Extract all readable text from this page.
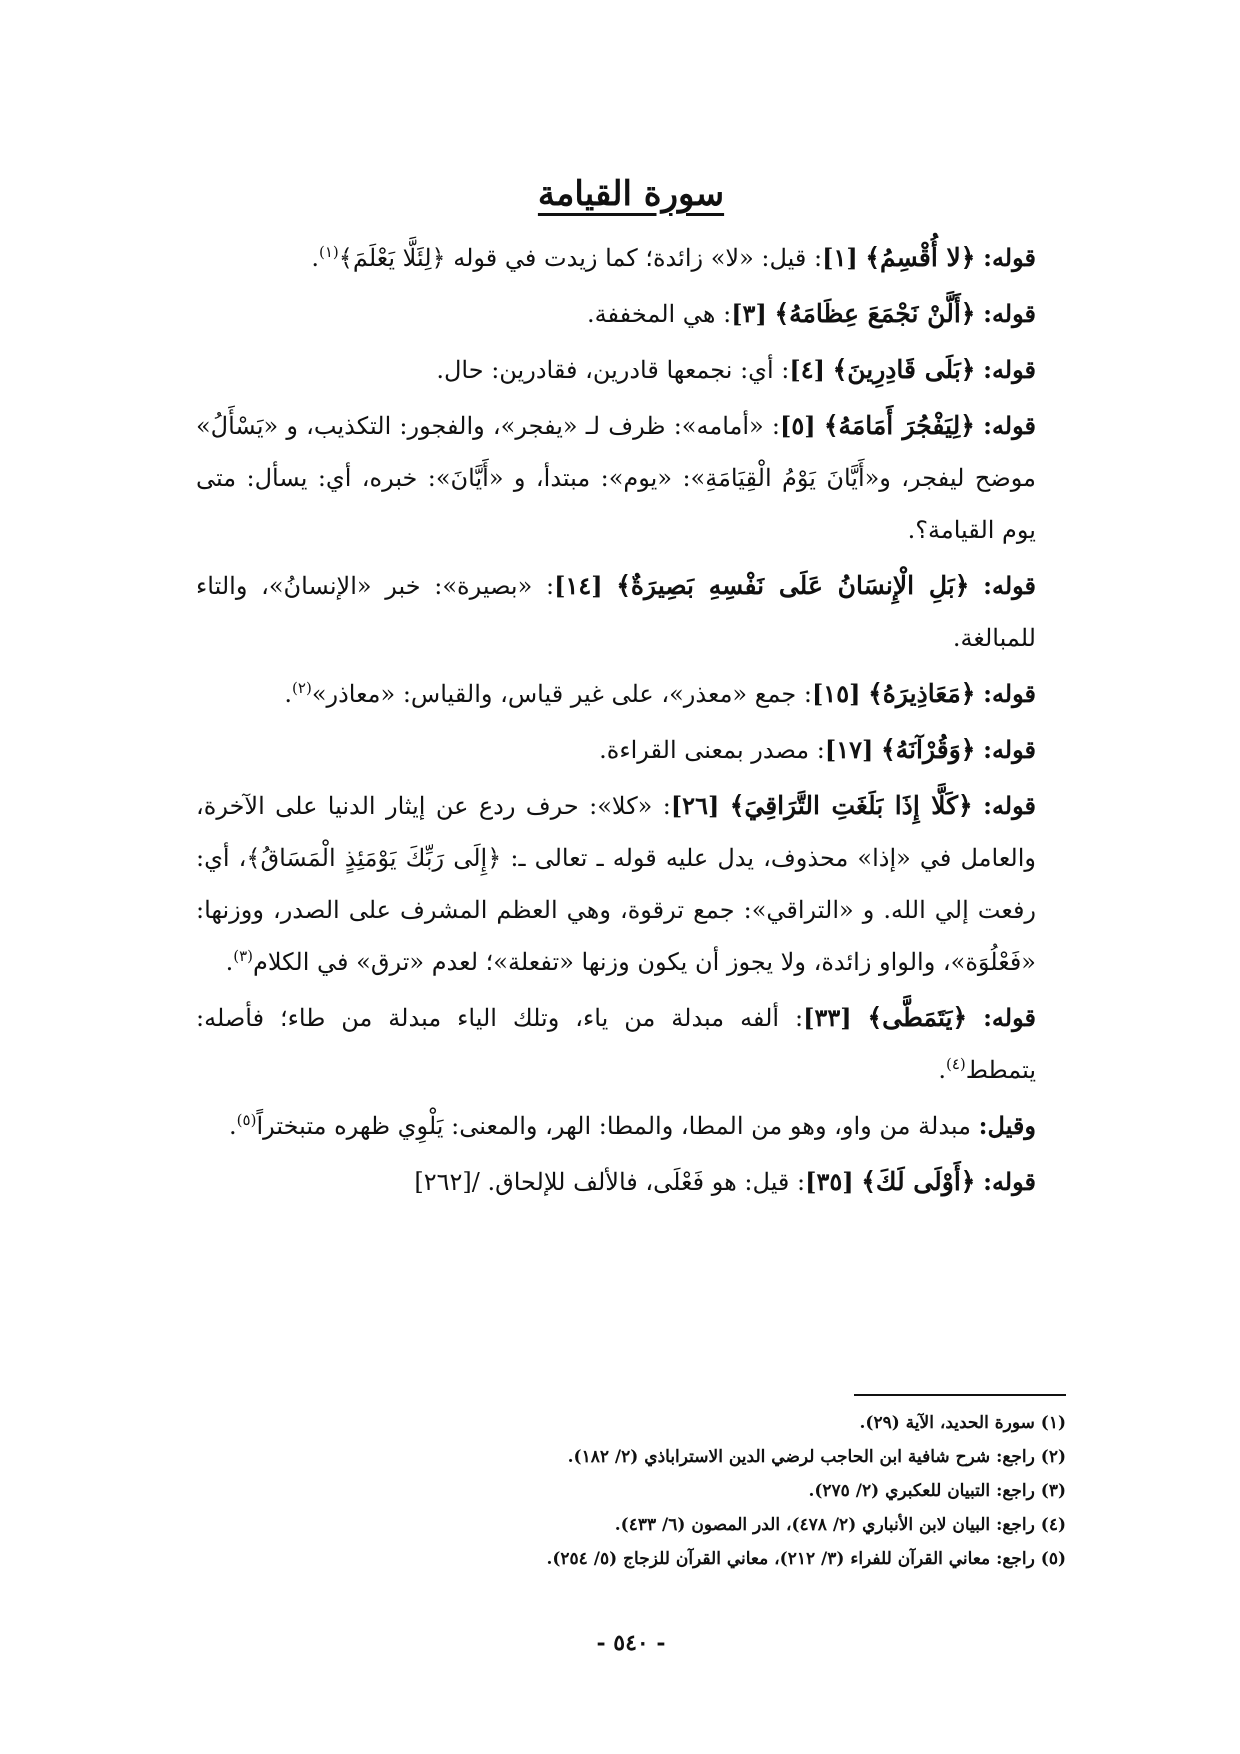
سورة القيامة

قوله: ﴿لا أُقْسِمُ﴾ [١]: قيل: «لا» زائدة؛ كما زيدت في قوله ﴿لِئَلَّا يَعْلَمَ﴾$^{(١)}$.

قوله: ﴿أَلَّنْ نَجْمَعَ عِظَامَهُ﴾ [٣]: هي المخففة.

قوله: ﴿بَلَى قَادِرِينَ﴾ [٤]: أي: نجمعها قادرين، فقادرين: حال.

قوله: ﴿لِيَفْجُرَ أَمَامَهُ﴾ [٥]: «أمامه»: ظرف لـ «يفجر»، والفجور: التكذيب، و «يَسْأَلُ» موضح ليفجر، و«أَيَّانَ يَوْمُ الْقِيَامَةِ»: «يوم»: مبتدأ، و «أَيَّانَ»: خبره، أي: يسأل: متى يوم القيامة؟.

قوله: ﴿بَلِ الْإِنسَانُ عَلَى نَفْسِهِ بَصِيرَةٌ﴾ [١٤]: «بصيرة»: خبر «الإنسانُ»، والتاء للمبالغة.

قوله: ﴿مَعَاذِيرَهُ﴾ [١٥]: جمع «معذر»، على غير قياس، والقياس: «معاذر»$^{(٢)}$.

قوله: ﴿وَقُرْآنَهُ﴾ [١٧]: مصدر بمعنى القراءة.

قوله: ﴿كَلَّا إِذَا بَلَغَتِ التَّرَاقِيَ﴾ [٢٦]: «كلا»: حرف ردع عن إيثار الدنيا على الآخرة، والعامل في «إذا» محذوف، يدل عليه قوله ـ تعالى ـ: ﴿إِلَى رَبِّكَ يَوْمَئِذٍ الْمَسَاقُ﴾، أي: رفعت إلي الله. و «التراقي»: جمع ترقوة، وهي العظم المشرف على الصدر، ووزنها: «فَعْلُوَة»، والواو زائدة، ولا يجوز أن يكون وزنها «تفعلة»؛ لعدم «ترق» في الكلام$^{(٣)}$.

قوله: ﴿يَتَمَطَّى﴾ [٣٣]: ألفه مبدلة من ياء، وتلك الياء مبدلة من طاء؛ فأصله: يتمطط$^{(٤)}$.

وقيل: مبدلة من واو، وهو من المطا، والمطا: الهر، والمعنى: يَلْوِي ظهره متبختراً$^{(٥)}$.

قوله: ﴿أَوْلَى لَكَ﴾ [٣٥]: قيل: هو فَعْلَى، فالألف للإلحاق. /[٢٦٢]

(١) سورة الحديد، الآية (٢٩).
(٢) راجع: شرح شافية ابن الحاجب لرضي الدين الاستراباذي (٢/ ١٨٢).
(٣) راجع: التبيان للعكبري (٢/ ٢٧٥).
(٤) راجع: البيان لابن الأنباري (٢/ ٤٧٨)، الدر المصون (٦/ ٤٣٣).
(٥) راجع: معاني القرآن للفراء (٣/ ٢١٢)، معاني القرآن للزجاج (٥/ ٢٥٤).
- ٥٤٠ -
